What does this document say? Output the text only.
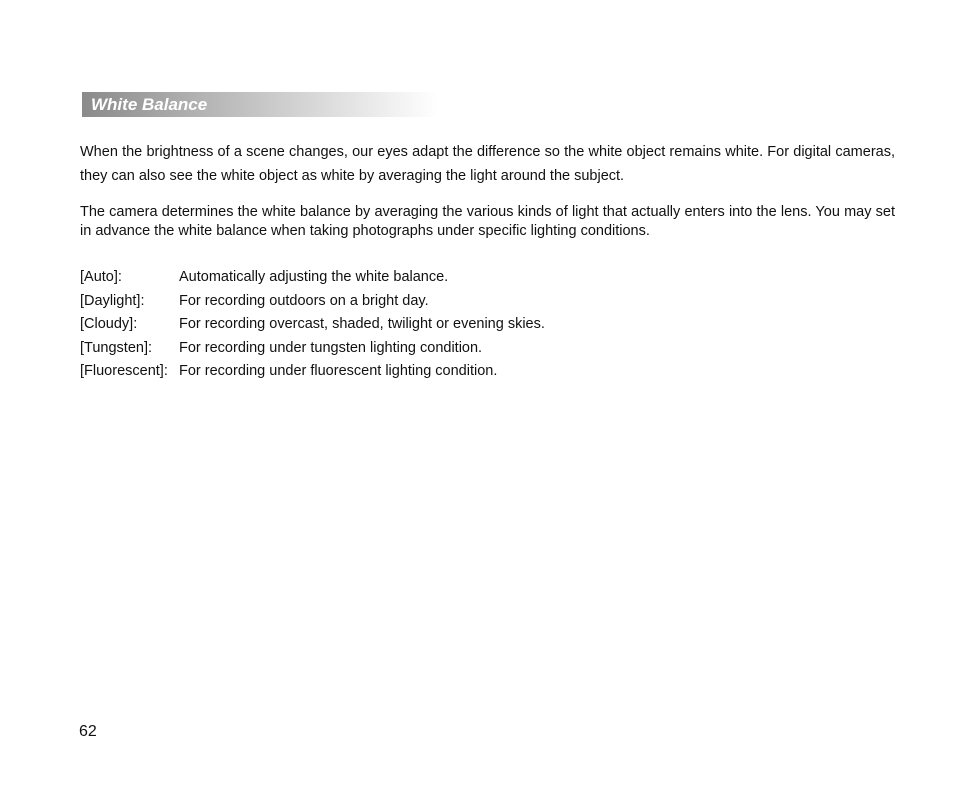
White Balance

When the brightness of a scene changes, our eyes adapt the difference so the white object remains white. For digital cameras, they can also see the white object as white by averaging the light around the subject.

The camera determines the white balance by averaging the various kinds of light that actually enters into the lens. You may set in advance the white balance when taking photographs under specific lighting conditions.

[Auto]:	Automatically adjusting the white balance.
[Daylight]: For recording outdoors on a bright day.
[Cloudy]:	For recording overcast, shaded, twilight or evening skies.
[Tungsten]: For recording under tungsten lighting condition.
[Fluorescent]: For recording under fluorescent lighting condition.
62
